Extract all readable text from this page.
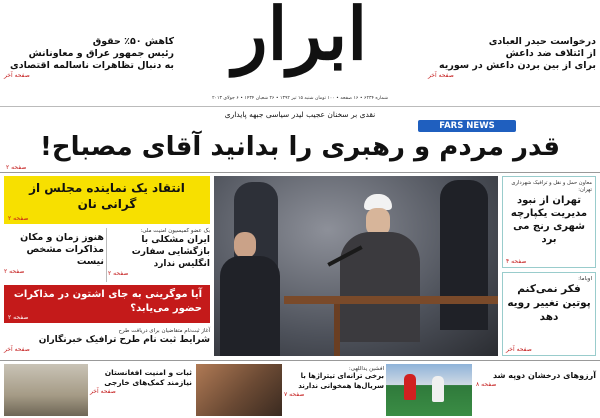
ابرار
شماره ۶۲۳۴ • ۱۶ صفحه • ۱۰۰ تومان شنبه ۱۵ تیر ۱۳۹۲ • ۲۶ شعبان ۱۴۳۴ • ۶ جولای ۲۰۱۳
کاهش ۵۰٪ حقوق
رئیس جمهور عراق و معاونانش
به دنبال تظاهرات ناسالمه اقتصادی
صفحه آخر
درخواست حیدر العبادی
از ائتلاف ضد داعش
برای از بین بردن داعش در سوریه
صفحه آخر
نقدی بر سخنان عجیب لیدر سیاسی جبهه پایداری
FARS NEWS
قدر مردم و رهبری را بدانید آقای مصباح!
صفحه ۲
انتقاد یک نماینده مجلس از گرانی نان
صفحه ۲
بک عضو کمیسیون امنیت ملی:
ایران مشکلی با بازگشایی سفارت انگلیس ندارد
صفحه ۲
هنوز زمان و مکان مذاکرات مشخص نیست
صفحه ۲
آیا موگرینی به جای اشتون در مذاکرات حضور می‌یابد؟
صفحه ۲
آغاز ثبت‌نام متقاضیان برای دریافت طرح
شرایط ثبت نام طرح ترافیک خبرنگاران
صفحه آخر
معاون حمل و نقل و ترافیک شهرداری تهران:
تهران از نبود مدیریت یکپارچه شهری رنج می برد
صفحه ۴
اوباما:
فکر نمی‌کنم پوتین تغییر رویه دهد
صفحه آخر
ثبات و امنیت افغانستان نیازمند کمک‌های خارجی
صفحه آخر
افشین یداللهی:
برخی ترانه‌ای تیتراژها با سریال‌ها همخوانی ندارند
صفحه ۷
آرزوهای درخشان دوپه شد
صفحه ۸
